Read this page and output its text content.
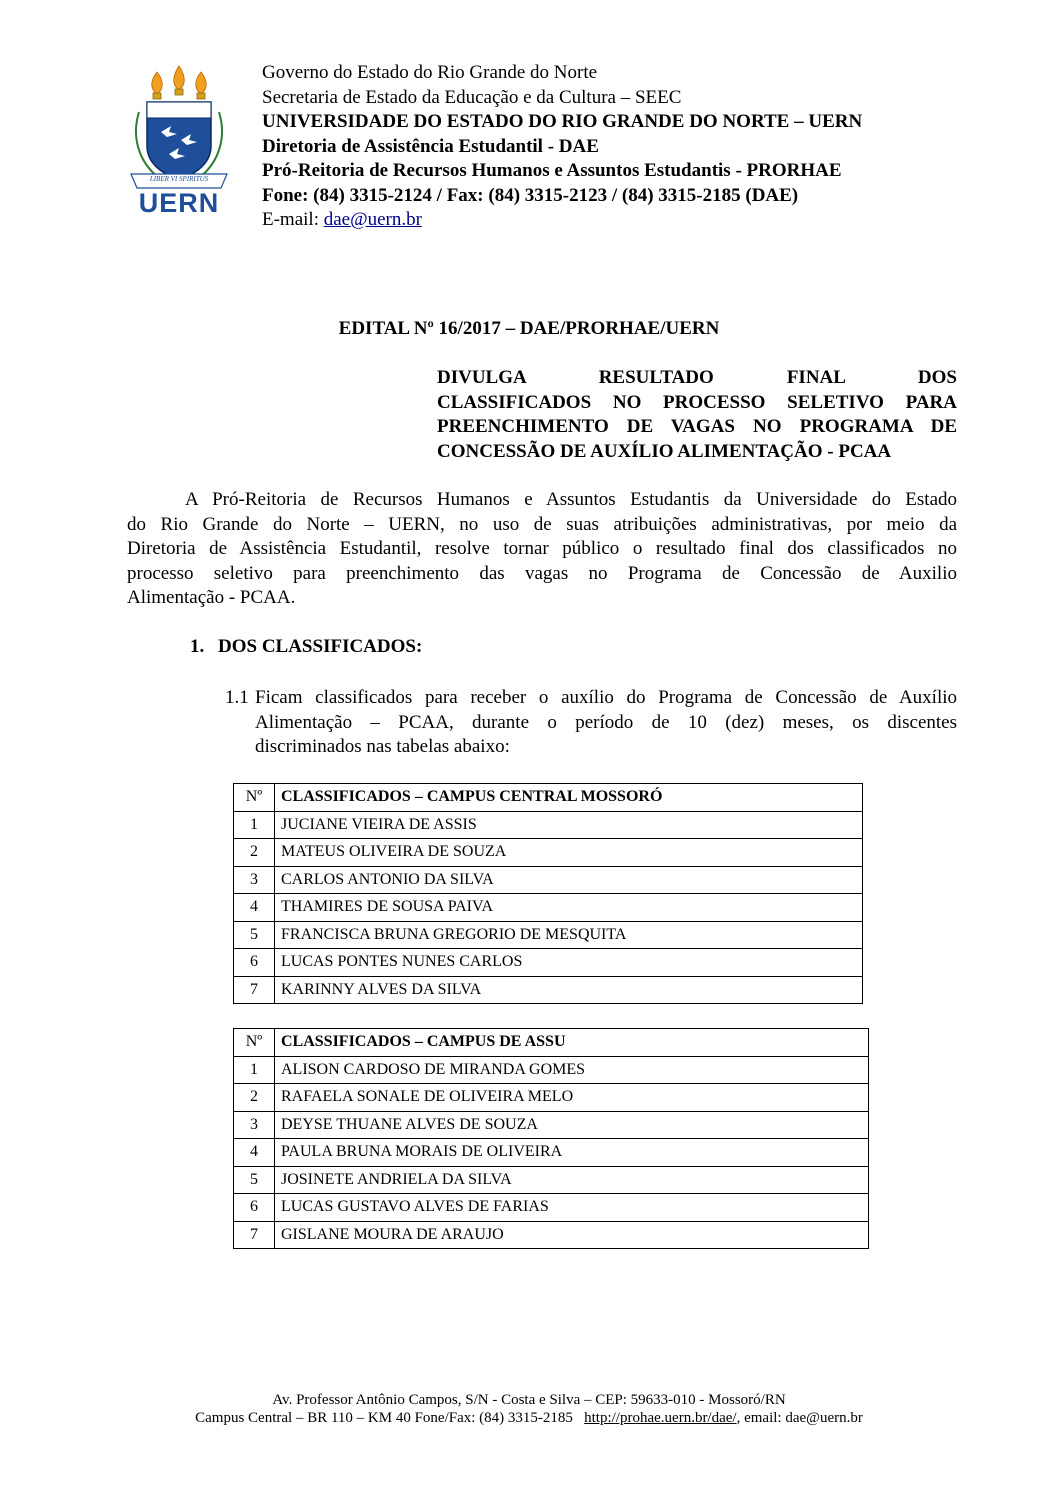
LIBER VI SPIRITUS
UERN
Governo do Estado do Rio Grande do Norte
Secretaria de Estado da Educação e da Cultura – SEEC
UNIVERSIDADE DO ESTADO DO RIO GRANDE DO NORTE – UERN
Diretoria de Assistência Estudantil - DAE
Pró-Reitoria de Recursos Humanos e Assuntos Estudantis - PRORHAE
Fone: (84) 3315-2124 / Fax: (84) 3315-2123 / (84) 3315-2185 (DAE)
E-mail: dae@uern.br
EDITAL Nº 16/2017 – DAE/PRORHAE/UERN
DIVULGA RESULTADO FINAL DOS
CLASSIFICADOS NO PROCESSO SELETIVO PARA
PREENCHIMENTO DE VAGAS NO PROGRAMA DE
CONCESSÃO DE AUXÍLIO ALIMENTAÇÃO - PCAA
A Pró-Reitoria de Recursos Humanos e Assuntos Estudantis da Universidade do Estado
do Rio Grande do Norte – UERN, no uso de suas atribuições administrativas, por meio da
Diretoria de Assistência Estudantil, resolve tornar público o resultado final dos classificados no
processo seletivo para preenchimento das vagas no Programa de Concessão de Auxilio
Alimentação - PCAA.
1. DOS CLASSIFICADOS:
1.1 Ficam classificados para receber o auxílio do Programa de Concessão de Auxílio
Alimentação – PCAA, durante o período de 10 (dez) meses, os discentes
discriminados nas tabelas abaixo:
Nº	CLASSIFICADOS – CAMPUS CENTRAL MOSSORÓ
1	JUCIANE VIEIRA DE ASSIS
2	MATEUS OLIVEIRA DE SOUZA
3	CARLOS ANTONIO DA SILVA
4	THAMIRES DE SOUSA PAIVA
5	FRANCISCA BRUNA GREGORIO DE MESQUITA
6	LUCAS PONTES NUNES CARLOS
7	KARINNY ALVES DA SILVA
Nº	CLASSIFICADOS – CAMPUS DE ASSU
1	ALISON CARDOSO DE MIRANDA GOMES
2	RAFAELA SONALE DE OLIVEIRA MELO
3	DEYSE THUANE ALVES DE SOUZA
4	PAULA BRUNA MORAIS DE OLIVEIRA
5	JOSINETE ANDRIELA DA SILVA
6	LUCAS GUSTAVO ALVES DE FARIAS
7	GISLANE MOURA DE ARAUJO
Av. Professor Antônio Campos, S/N - Costa e Silva – CEP: 59633-010 - Mossoró/RN
Campus Central – BR 110 – KM 40 Fone/Fax: (84) 3315-2185   http://prohae.uern.br/dae/, email: dae@uern.br
